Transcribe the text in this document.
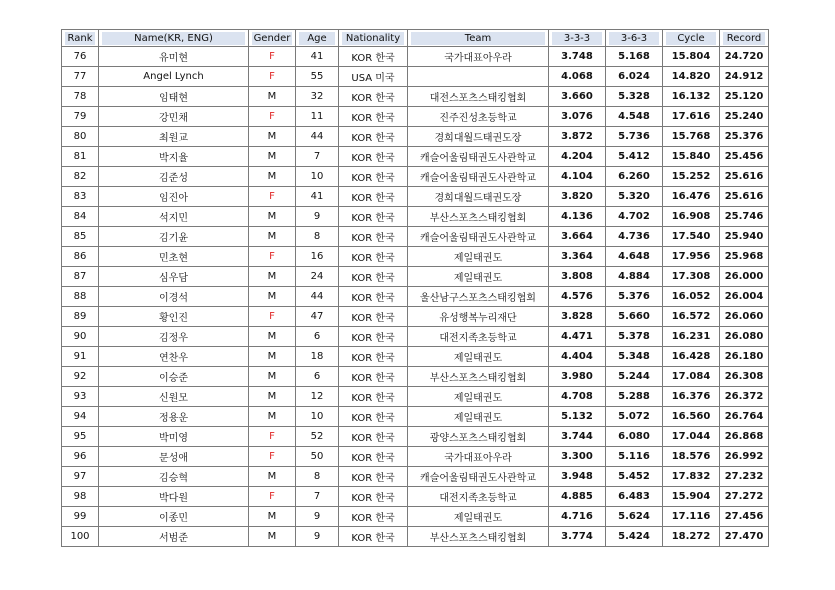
Rank	Name(KR, ENG)	Gender	Age	Nationality	Team	3-3-3	3-6-3	Cycle	Record

76	유미현	F	41	KOR 한국	국가대표아우라	3.748	5.168	15.804	24.720
77	Angel Lynch	F	55	USA 미국		4.068	6.024	14.820	24.912
78	임태현	M	32	KOR 한국	대전스포츠스태킹협회	3.660	5.328	16.132	25.120
79	강민채	F	11	KOR 한국	진주진성초등학교	3.076	4.548	17.616	25.240
80	최원교	M	44	KOR 한국	경희대월드태권도장	3.872	5.736	15.768	25.376
81	박지율	M	7	KOR 한국	캐슬어울림태권도사관학교	4.204	5.412	15.840	25.456
82	김준성	M	10	KOR 한국	캐슬어울림태권도사관학교	4.104	6.260	15.252	25.616
83	임진아	F	41	KOR 한국	경희대월드태권도장	3.820	5.320	16.476	25.616
84	석지민	M	9	KOR 한국	부산스포츠스태킹협회	4.136	4.702	16.908	25.746
85	김기윤	M	8	KOR 한국	캐슬어울림태권도사관학교	3.664	4.736	17.540	25.940
86	민초현	F	16	KOR 한국	제일태권도	3.364	4.648	17.956	25.968
87	심우담	M	24	KOR 한국	제일태권도	3.808	4.884	17.308	26.000
88	이경석	M	44	KOR 한국	울산남구스포츠스태킹협회	4.576	5.376	16.052	26.004
89	황인진	F	47	KOR 한국	유성행복누리재단	3.828	5.660	16.572	26.060
90	김정우	M	6	KOR 한국	대전지족초등학교	4.471	5.378	16.231	26.080
91	연찬우	M	18	KOR 한국	제일태권도	4.404	5.348	16.428	26.180
92	이승준	M	6	KOR 한국	부산스포츠스태킹협회	3.980	5.244	17.084	26.308
93	신원모	M	12	KOR 한국	제일태권도	4.708	5.288	16.376	26.372
94	정용운	M	10	KOR 한국	제일태권도	5.132	5.072	16.560	26.764
95	박미영	F	52	KOR 한국	광양스포츠스태킹협회	3.744	6.080	17.044	26.868
96	문성애	F	50	KOR 한국	국가대표아우라	3.300	5.116	18.576	26.992
97	김승혁	M	8	KOR 한국	캐슬어울림태권도사관학교	3.948	5.452	17.832	27.232
98	박다원	F	7	KOR 한국	대전지족초등학교	4.885	6.483	15.904	27.272
99	이종민	M	9	KOR 한국	제일태권도	4.716	5.624	17.116	27.456
100	서범준	M	9	KOR 한국	부산스포츠스태킹협회	3.774	5.424	18.272	27.470
